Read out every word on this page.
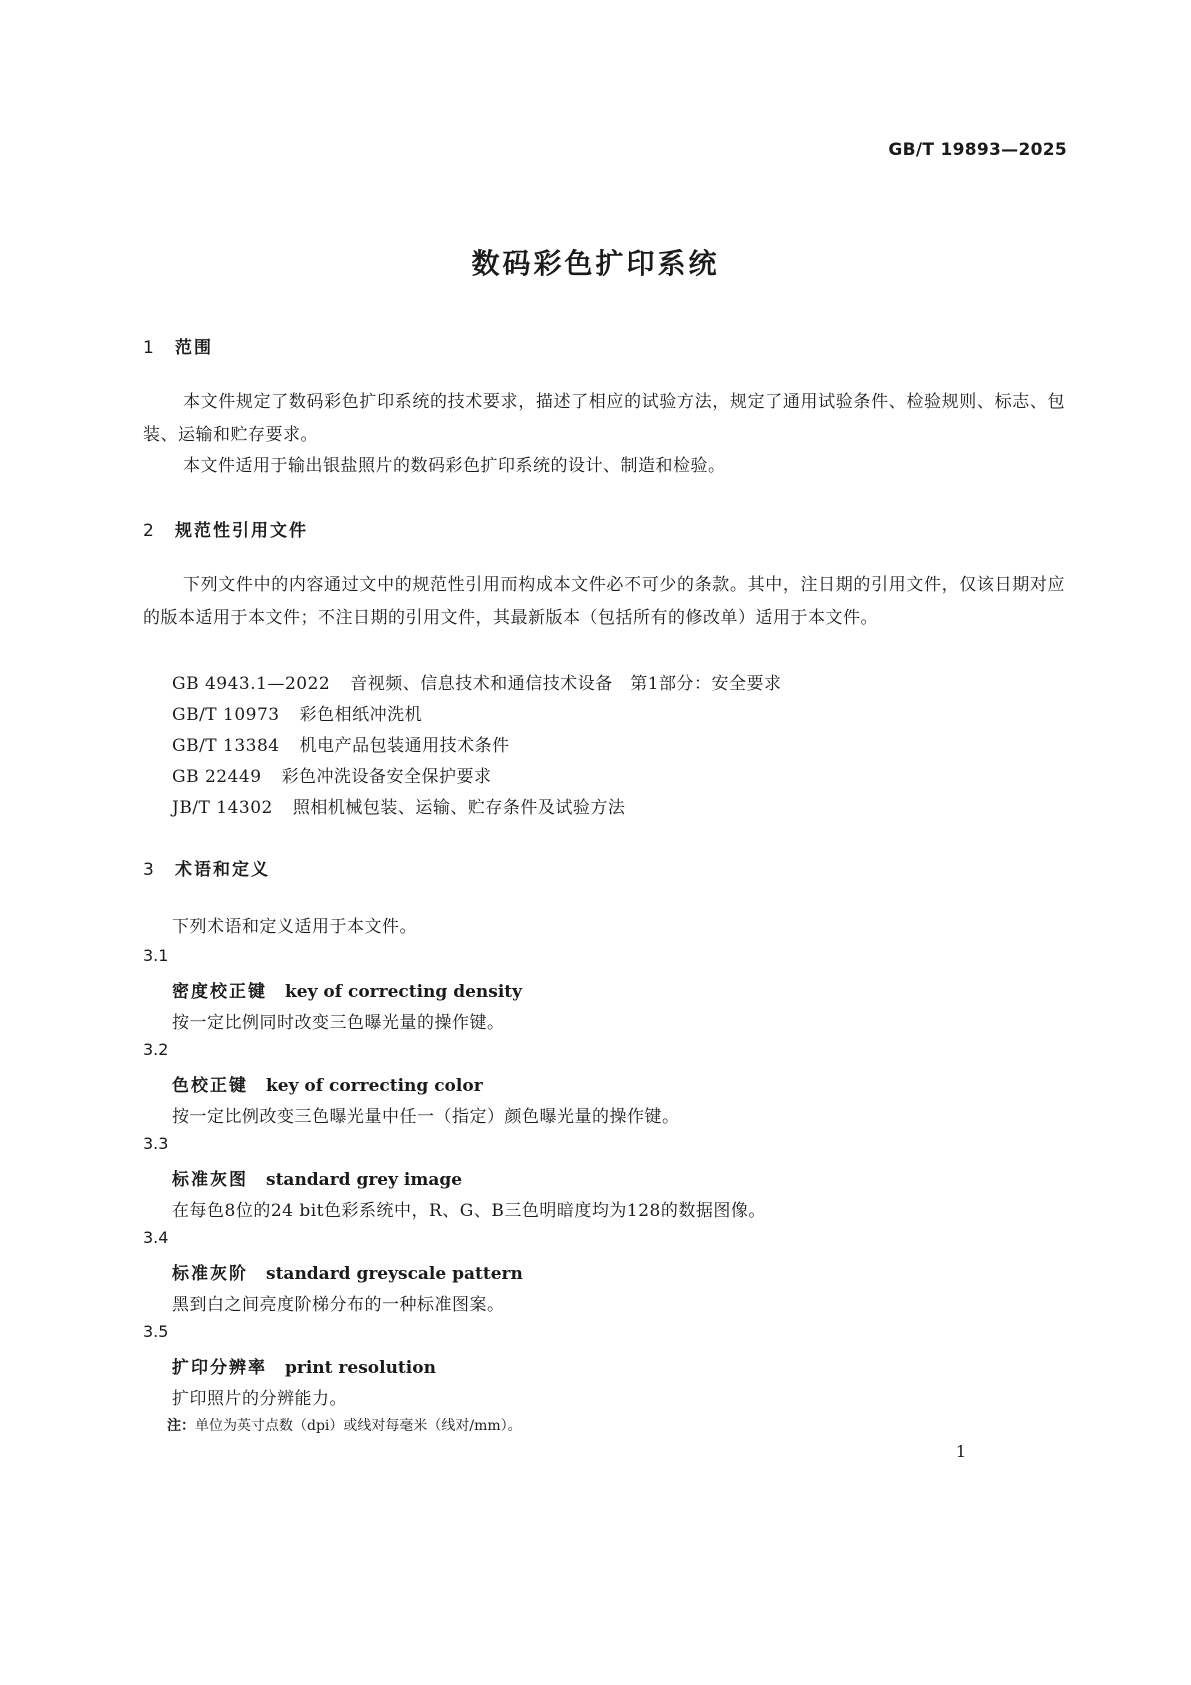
GB/T 19893—2025
数码彩色扩印系统
1 范围
本文件规定了数码彩色扩印系统的技术要求，描述了相应的试验方法，规定了通用试验条件、检验规则、标志、包装、运输和贮存要求。
本文件适用于输出银盐照片的数码彩色扩印系统的设计、制造和检验。
2 规范性引用文件
下列文件中的内容通过文中的规范性引用而构成本文件必不可少的条款。其中，注日期的引用文件，仅该日期对应的版本适用于本文件；不注日期的引用文件，其最新版本（包括所有的修改单）适用于本文件。
GB 4943.1—2022 音视频、信息技术和通信技术设备　第1部分：安全要求
GB/T 10973 彩色相纸冲洗机
GB/T 13384 机电产品包装通用技术条件
GB 22449 彩色冲洗设备安全保护要求
JB/T 14302 照相机械包装、运输、贮存条件及试验方法
3 术语和定义
下列术语和定义适用于本文件。
3.1
密度校正键 key of correcting density
按一定比例同时改变三色曝光量的操作键。
3.2
色校正键 key of correcting color
按一定比例改变三色曝光量中任一（指定）颜色曝光量的操作键。
3.3
标准灰图 standard grey image
在每色8位的24 bit色彩系统中，R、G、B三色明暗度均为128的数据图像。
3.4
标准灰阶 standard greyscale pattern
黑到白之间亮度阶梯分布的一种标准图案。
3.5
扩印分辨率 print resolution
扩印照片的分辨能力。
注：单位为英寸点数（dpi）或线对每毫米（线对/mm）。
1
